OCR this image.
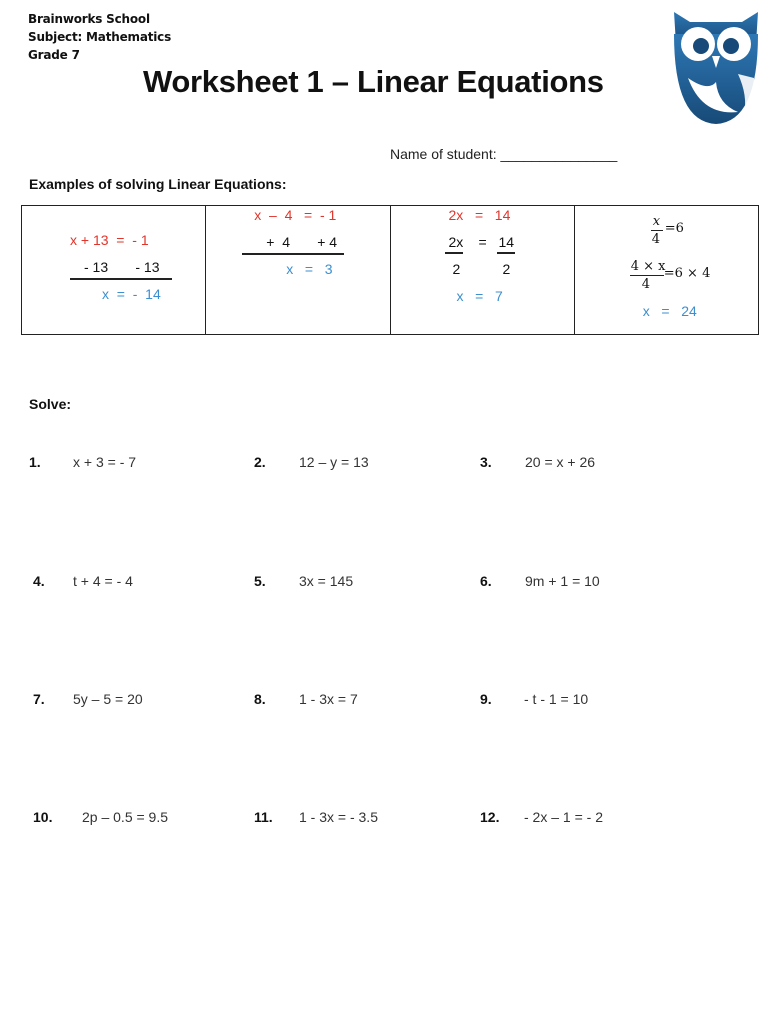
Brainworks School
Subject: Mathematics
Grade 7
Worksheet 1 – Linear Equations
Name of student: _______________
Examples of solving Linear Equations:
x + 13  =  - 1
- 13       - 13
x  =  -  14

x  –  4   =  - 1
+  4       + 4
x   =   3

2x   =   14
2x = 14
2	2
x   =   7

x
4
=6
4 × x
4
=6 × 4
x   =   24
Solve:
1. x + 3 = - 7	2. 12 – y = 13	3. 20 = x + 26
4. t + 4 = - 4	5. 3x = 145	6. 9m + 1 = 10
7. 5y – 5 = 20	8. 1 - 3x = 7	9. - t - 1 = 10
10. 2p – 0.5 = 9.5	11. 1 - 3x = - 3.5	12. - 2x – 1 = - 2
